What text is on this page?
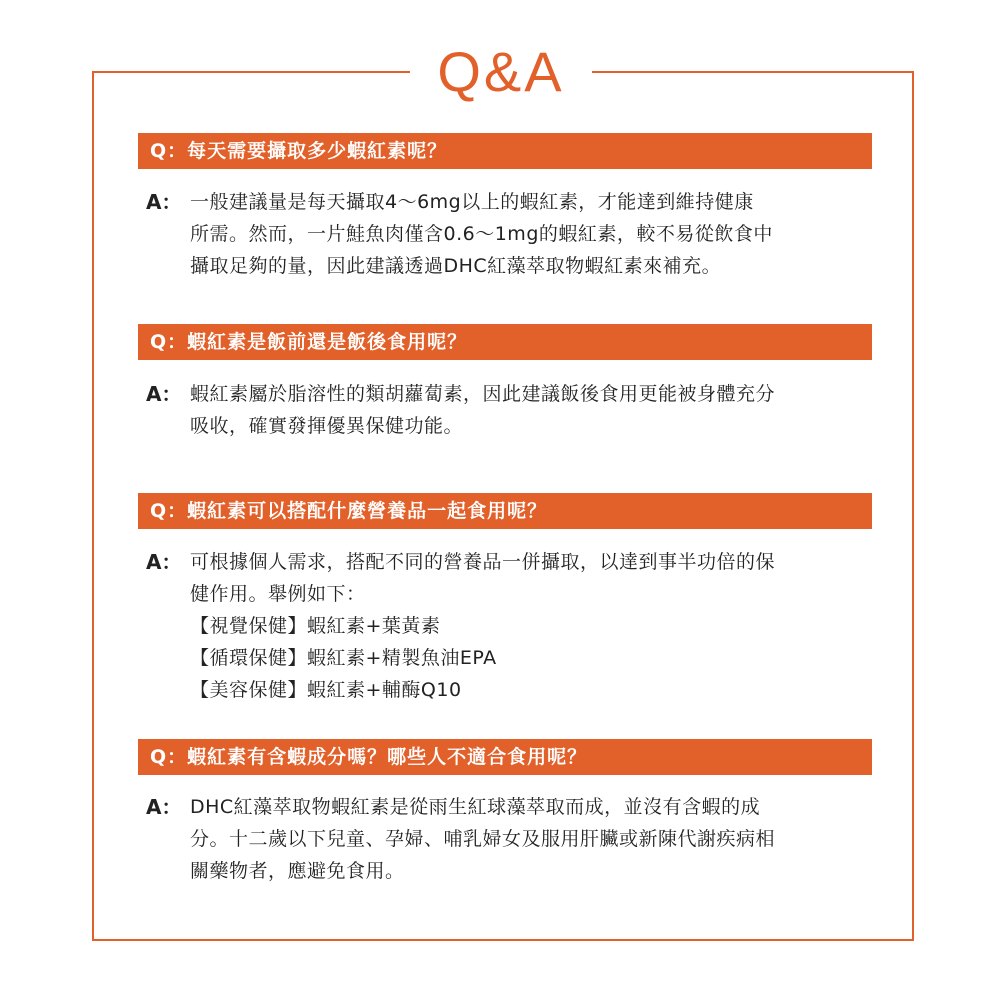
Q&A
Q：每天需要攝取多少蝦紅素呢？
A： 一般建議量是每天攝取4～6mg以上的蝦紅素，才能達到維持健康

所需。然而，一片鮭魚肉僅含0.6～1mg的蝦紅素，較不易從飲食中

攝取足夠的量，因此建議透過DHC紅藻萃取物蝦紅素來補充。

Q：蝦紅素是飯前還是飯後食用呢？
A： 蝦紅素屬於脂溶性的類胡蘿蔔素，因此建議飯後食用更能被身體充分

吸收，確實發揮優異保健功能。

Q：蝦紅素可以搭配什麼營養品一起食用呢？
A： 可根據個人需求，搭配不同的營養品一併攝取，以達到事半功倍的保

健作用。舉例如下：

【視覺保健】蝦紅素+葉黃素

【循環保健】蝦紅素+精製魚油EPA

【美容保健】蝦紅素+輔酶Q10

Q：蝦紅素有含蝦成分嗎？哪些人不適合食用呢？
A： DHC紅藻萃取物蝦紅素是從雨生紅球藻萃取而成，並沒有含蝦的成

分。十二歲以下兒童、孕婦、哺乳婦女及服用肝臟或新陳代謝疾病相

關藥物者，應避免食用。
